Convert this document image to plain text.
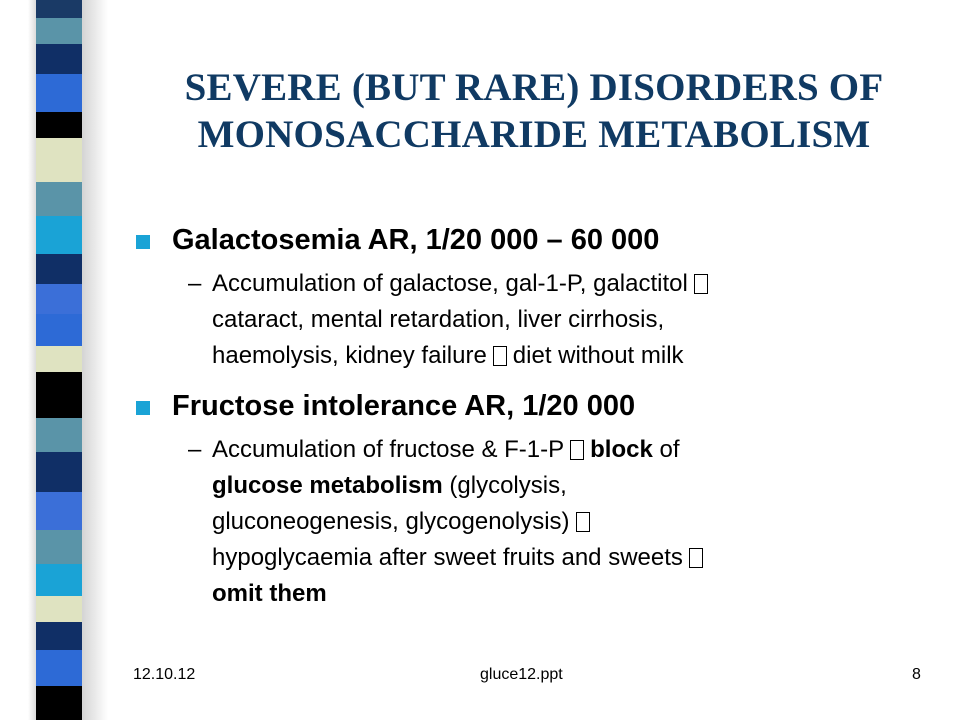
SEVERE (BUT RARE) DISORDERS OF
MONOSACCHARIDE METABOLISM

Galactosemia AR, 1/20 000 – 60 000

– Accumulation of galactose, gal-1-P, galactitol
cataract, mental retardation, liver cirrhosis,
haemolysis, kidney failure diet without milk

Fructose intolerance AR, 1/20 000

– Accumulation of fructose & F-1-P block of
glucose metabolism (glycolysis,
gluconeogenesis, glycogenolysis)
hypoglycaemia after sweet fruits and sweets
omit them

12.10.12	gluce12.ppt	8
